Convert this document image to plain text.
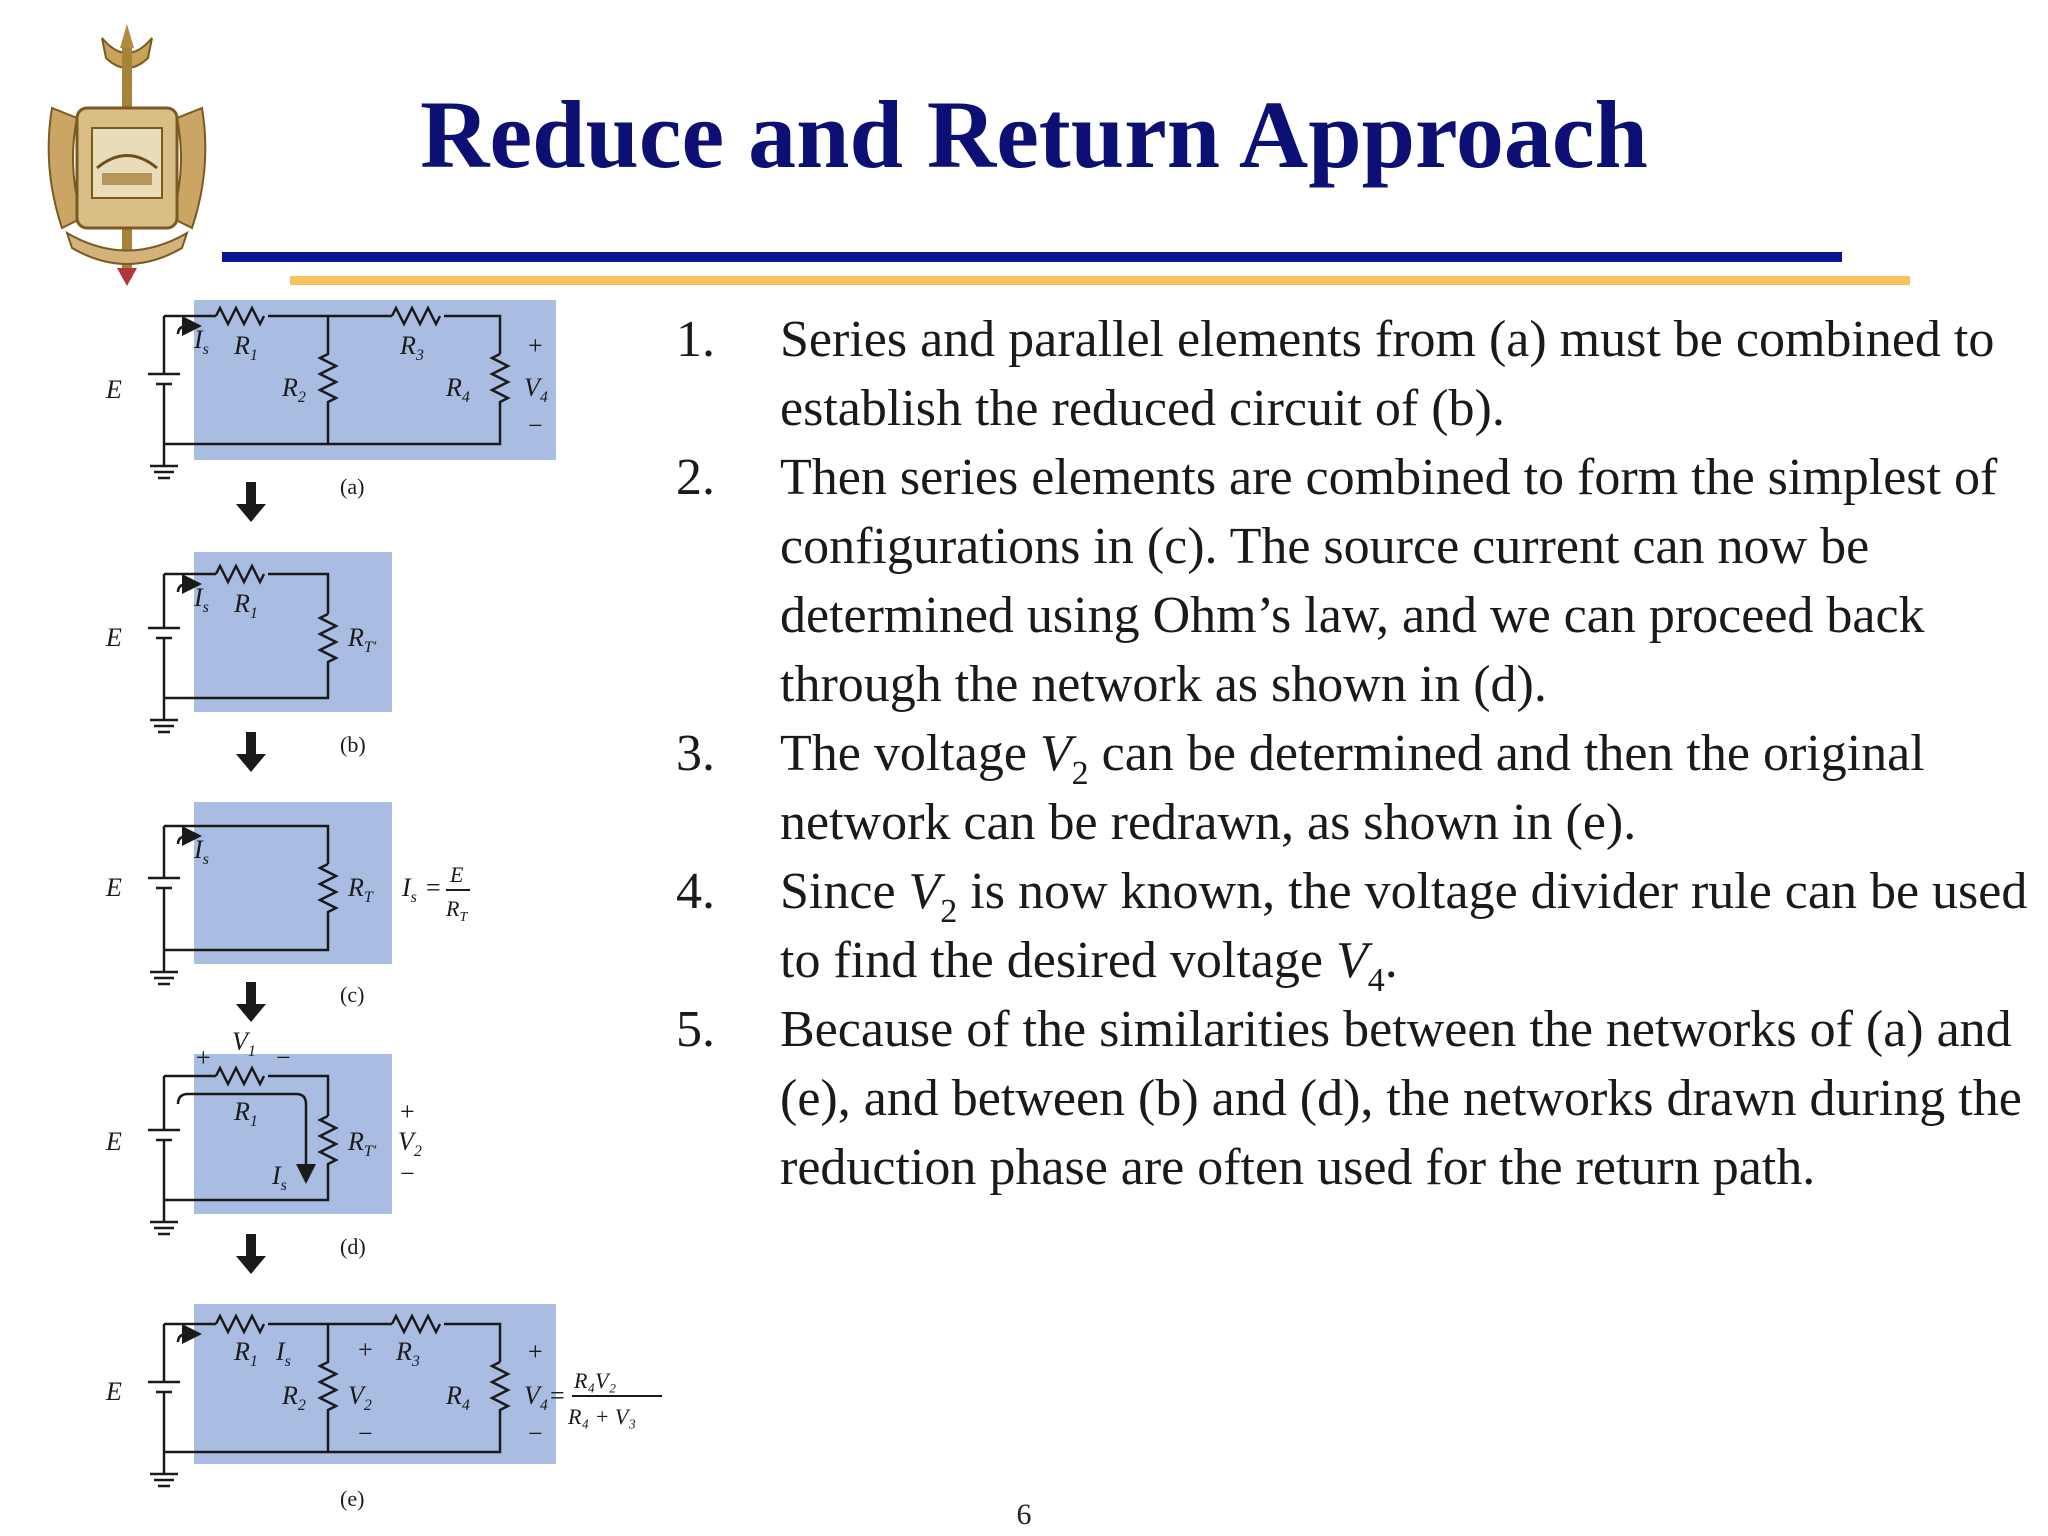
Reduce and Return Approach
E
$I_s$ $R_1$
$R_2$
$R_3$
$R_4$
+
$V_4$
−
(a)
E
$I_s$ $R_1$
$R_{T'}$
(b)
E
$I_s$
$R_T$ $I_s = E$
$R_T$
(c)
$V_1$
+	−
E
$R_1$
$R_{T'}$
+
$V_2$
−
$I_s$
(d)
E
$R_1$ $I_s$
$R_2$
+
$V_2$
−
$R_3$
$R_4$
+
$V_4$
−
=
R₄V₂
R₄ + V₃
(e)
1. Series and parallel elements from (a) must be combined to establish the reduced circuit of (b).
2. Then series elements are combined to form the simplest of configurations in (c). The source current can now be determined using Ohm’s law, and we can proceed back through the network as shown in (d).
3. The voltage $V_2$ can be determined and then the original network can be redrawn, as shown in (e).
4. Since $V_2$ is now known, the voltage divider rule can be used to find the desired voltage $V_4$.
5. Because of the similarities between the networks of (a) and (e), and between (b) and (d), the networks drawn during the reduction phase are often used for the return path.
6
